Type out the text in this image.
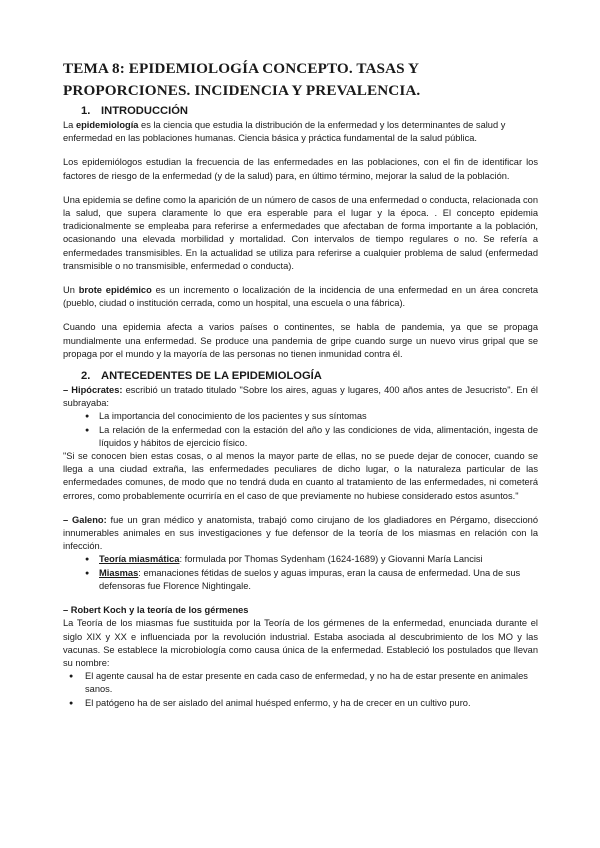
TEMA 8: EPIDEMIOLOGÍA CONCEPTO. TASAS Y PROPORCIONES. INCIDENCIA Y PREVALENCIA.
1. INTRODUCCIÓN

La epidemiología es la ciencia que estudia la distribución de la enfermedad y los determinantes de salud y enfermedad en las poblaciones humanas. Ciencia básica y práctica fundamental de la salud pública.

Los epidemiólogos estudian la frecuencia de las enfermedades en las poblaciones, con el fin de identificar los factores de riesgo de la enfermedad (y de la salud) para, en último término, mejorar la salud de la población.

Una epidemia se define como la aparición de un número de casos de una enfermedad o conducta, relacionada con la salud, que supera claramente lo que era esperable para el lugar y la época. . El concepto epidemia tradicionalmente se empleaba para referirse a enfermedades que afectaban de forma importante a la población, ocasionando una elevada morbilidad y mortalidad. Con intervalos de tiempo regulares o no. Se refería a enfermedades transmisibles. En la actualidad se utiliza para referirse a cualquier problema de salud (enfermedad transmisible o no transmisible, enfermedad o conducta).

Un brote epidémico es un incremento o localización de la incidencia de una enfermedad en un área concreta (pueblo, ciudad o institución cerrada, como un hospital, una escuela o una fábrica).

Cuando una epidemia afecta a varios países o continentes, se habla de pandemia, ya que se propaga mundialmente una enfermedad. Se produce una pandemia de gripe cuando surge un nuevo virus gripal que se propaga por el mundo y la mayoría de las personas no tienen inmunidad contra él.

2. ANTECEDENTES DE LA EPIDEMIOLOGÍA

– Hipócrates: escribió un tratado titulado "Sobre los aires, aguas y lugares, 400 años antes de Jesucristo". En él subrayaba:

● La importancia del conocimiento de los pacientes y sus síntomas
● La relación de la enfermedad con la estación del año y las condiciones de vida, alimentación, ingesta de líquidos y hábitos de ejercicio físico.

"Si se conocen bien estas cosas, o al menos la mayor parte de ellas, no se puede dejar de conocer, cuando se llega a una ciudad extraña, las enfermedades peculiares de dicho lugar, o la naturaleza particular de las enfermedades comunes, de modo que no tendrá duda en cuanto al tratamiento de las enfermedades, ni cometerá errores, como probablemente ocurriría en el caso de que previamente no hubiese considerado estos asuntos."

– Galeno: fue un gran médico y anatomista, trabajó como cirujano de los gladiadores en Pérgamo, diseccionó innumerables animales en sus investigaciones y fue defensor de la teoría de los miasmas en relación con la infección.

● Teoría miasmática: formulada por Thomas Sydenham (1624-1689) y Giovanni María Lancisi
● Miasmas: emanaciones fétidas de suelos y aguas impuras, eran la causa de enfermedad. Una de sus defensoras fue Florence Nightingale.

– Robert Koch y la teoría de los gérmenes

La Teoría de los miasmas fue sustituida por la Teoría de los gérmenes de la enfermedad, enunciada durante el siglo XIX y XX e influenciada por la revolución industrial. Estaba asociada al descubrimiento de los MO y las vacunas. Se establece la microbiología como causa única de la enfermedad. Estableció los postulados que llevan su nombre:

● El agente causal ha de estar presente en cada caso de enfermedad, y no ha de estar presente en animales sanos.
● El patógeno ha de ser aislado del animal huésped enfermo, y ha de crecer en un cultivo puro.
